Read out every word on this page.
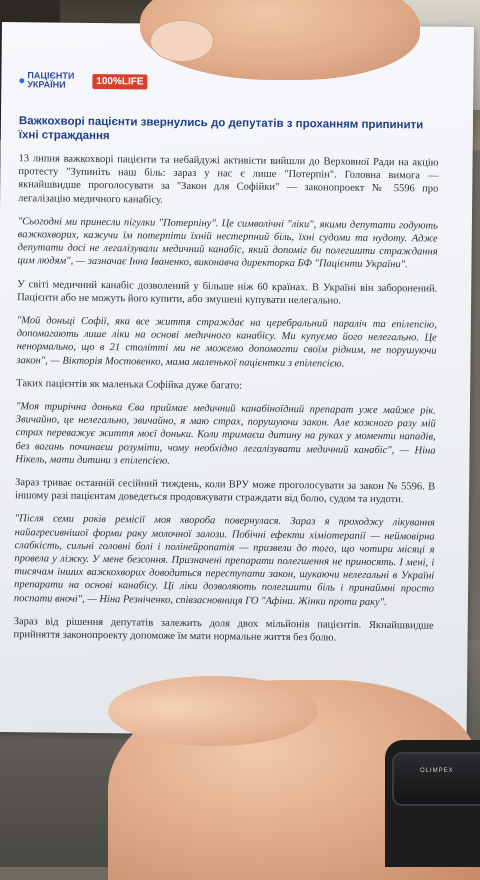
ПАЦІЄНТИ
УКРАЇНИ	100%LIFE
Важкохворі пацієнти звернулись до депутатів з проханням припинити їхні страждання

13 липня важкохворі пацієнти та небайдужі активісти вийшли до Верховної Ради на акцію протесту "Зупиніть наш біль: зараз у нас є лише "Потерпін". Головна вимога — якнайшвидше проголосувати за "Закон для Софійки" — законопроект № 5596 про легалізацію медичного канабісу.

"Сьогодні ми принесли пігулки "Потерпіну". Це символічні "ліки", якими депутати годують важкохворих, кажучи їм потерпіти їхній нестерпний біль, їхні судоми та нудоту. Адже депутати досі не легалізували медичний канабіс, який допоміг би полегшити страждання цим людям", — зазначає Інна Іваненко, виконавча директорка БФ "Пацієнти України".

У світі медичний канабіс дозволений у більше ніж 60 країнах. В Україні він заборонений. Пацієнти або не можуть його купити, або змушені купувати нелегально.

"Мой доньці Софії, яка все життя страждає на церебральний параліч та епілепсію, допомагають лише ліки на основі медичного канабісу. Ми купуємо його нелегально. Це ненормально, що в 21 столітті ми не можемо допомогти своїм рідним, не порушуючи закон", — Вікторія Мостовенко, мама маленької пацієнтки з епілепсією.

Таких пацієнтів як маленька Софійка дуже багато:

"Моя трирічна донька Єва приймає медичний канабіноїдний препарат уже майже рік. Звичайно, це нелегально, звичайно, я маю страх, порушуючи закон. Але кожного разу мій страх переважує життя моєї доньки. Коли тримаєш дитину на руках у моменти нападів, без вагань починаєш розуміти, чому необхідно легалізувати медичний канабіс", — Ніна Нікель, мати дитини з епілепсією.

Зараз триває останній сесійний тиждень, коли ВРУ може проголосувати за закон № 5596. В іншому разі пацієнтам доведеться продовжувати страждати від болю, судом та нудоти.

"Після семи років ремісії моя хвороба повернулася. Зараз я проходжу лікування найагресивнішої форми раку молочної залози. Побічні ефекти хіміотерапії — неймовірна слабкість, сильні головні болі і полінейропатія — призвели до того, що чотири місяці я провела у ліжку. У мене безсоння. Призначені препарати полегшення не приносять. І мені, і тисячам інших важкохворих доводиться переступати закон, шукаючи нелегальні в Україні препарати на основі канабісу. Ці ліки дозволяють полегшити біль і принаймні просто поспати вночі", — Ніна Резніченко, співзасновниця ГО "Афіни. Жінки проти раку".

Зараз від рішення депутатів залежить доля двох мільйонів пацієнтів. Якнайшвидше прийняття законопроекту допоможе їм мати нормальне життя без болю.

OLIMPEX
